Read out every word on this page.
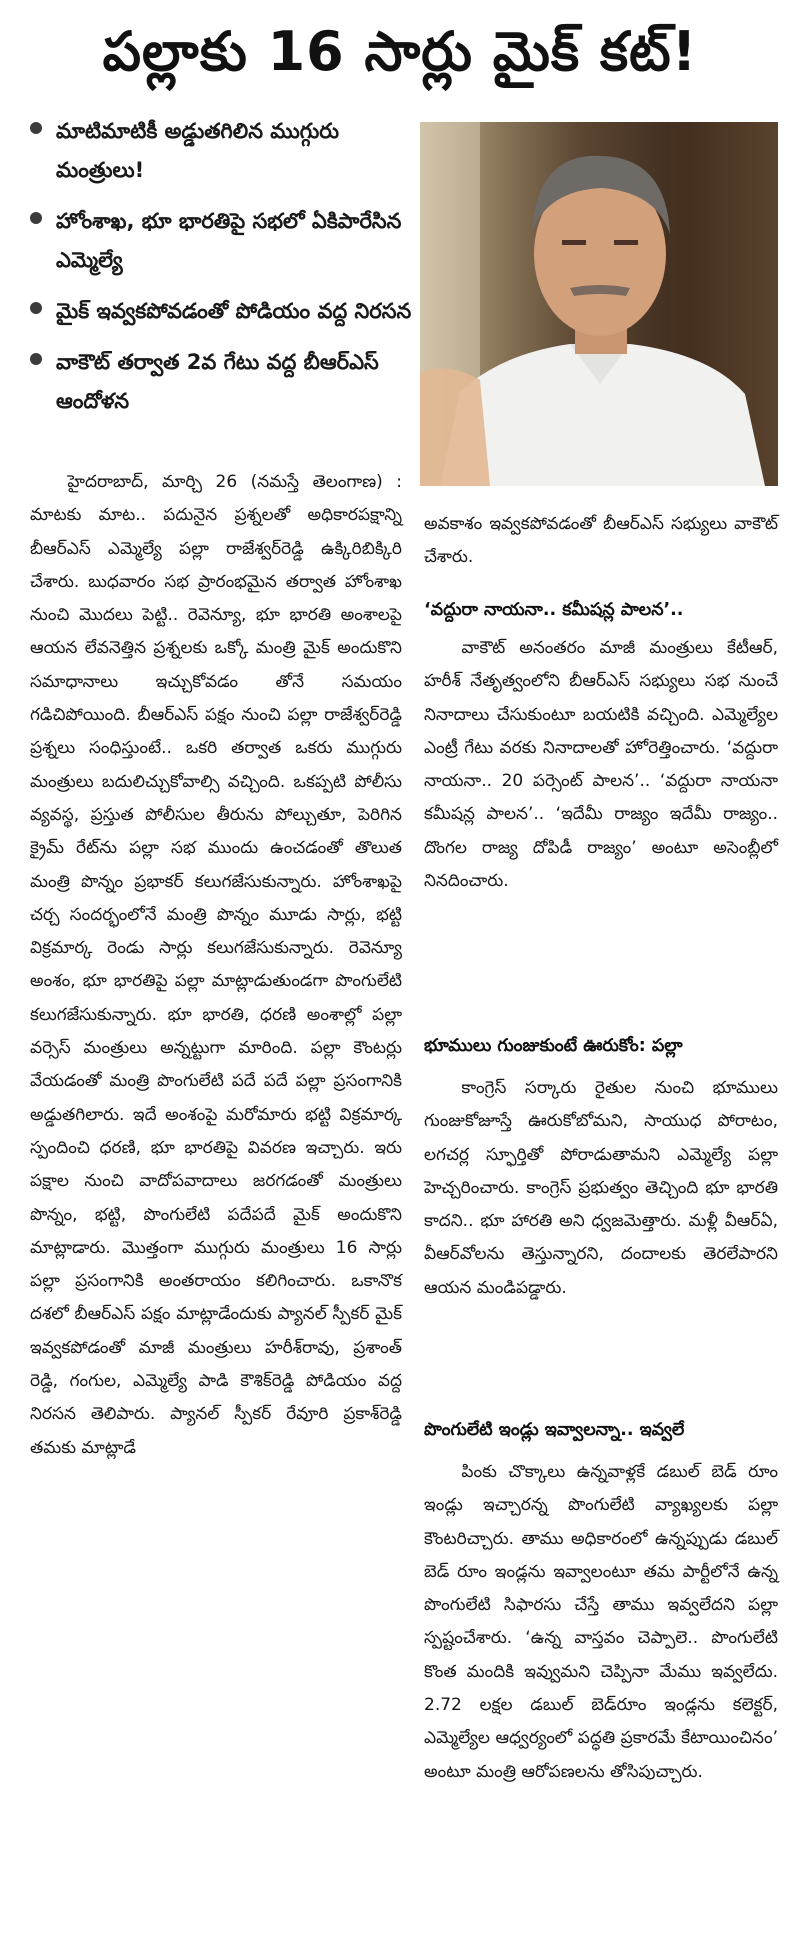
పల్లాకు 16 సార్లు మైక్ కట్!
మాటిమాటికీ అడ్డుతగిలిన ముగ్గురు మంత్రులు!
హోంశాఖ, భూ భారతిపై సభలో ఏకిపారేసిన ఎమ్మెల్యే
మైక్ ఇవ్వకపోవడంతో పోడియం వద్ద నిరసన
వాకౌట్ తర్వాత 2వ గేటు వద్ద బీఆర్ఎస్ ఆందోళన

హైదరాబాద్, మార్చి 26 (నమస్తే తెలంగాణ) : మాటకు మాట.. పదునైన ప్రశ్నలతో అధికారపక్షాన్ని బీఆర్ఎస్ ఎమ్మెల్యే పల్లా రాజేశ్వర్‌రెడ్డి ఉక్కిరిబిక్కిరి చేశారు. బుధవారం సభ ప్రారంభమైన తర్వాత హోంశాఖ నుంచి మొదలు పెట్టి.. రెవెన్యూ, భూ భారతి అంశాలపై ఆయన లేవనెత్తిన ప్రశ్నలకు ఒక్కో మంత్రి మైక్ అందుకొని సమాధానాలు ఇచ్చుకోవడం తోనే సమయం గడిచిపోయింది. బీఆర్ఎస్ పక్షం నుంచి పల్లా రాజేశ్వర్‌రెడ్డి ప్రశ్నలు సంధిస్తుంటే.. ఒకరి తర్వాత ఒకరు ముగ్గురు మంత్రులు బదులిచ్చుకోవాల్సి వచ్చింది. ఒకప్పటి పోలీసు వ్యవస్థ, ప్రస్తుత పోలీసుల తీరును పోల్చుతూ, పెరిగిన క్రైమ్ రేట్‌ను పల్లా సభ ముందు ఉంచడంతో తొలుత మంత్రి పొన్నం ప్రభాకర్ కలుగజేసుకున్నారు. హోంశాఖపై చర్చ సందర్భంలోనే మంత్రి పొన్నం మూడు సార్లు, భట్టి విక్రమార్క రెండు సార్లు కలుగజేసుకున్నారు. రెవెన్యూ అంశం, భూ భారతిపై పల్లా మాట్లాడుతుండగా పొంగులేటి కలుగజేసుకున్నారు. భూ భారతి, ధరణి అంశాల్లో పల్లా వర్సెస్ మంత్రులు అన్నట్టుగా మారింది. పల్లా కౌంటర్లు వేయడంతో మంత్రి పొంగులేటి పదే పదే పల్లా ప్రసంగానికి అడ్డుతగిలారు. ఇదే అంశంపై మరోమారు భట్టి విక్రమార్క స్పందించి ధరణి, భూ భారతిపై వివరణ ఇచ్చారు. ఇరు పక్షాల నుంచి వాదోపవాదాలు జరగడంతో మంత్రులు పొన్నం, భట్టి, పొంగులేటి పదేపదే మైక్ అందుకొని మాట్లాడారు. మొత్తంగా ముగ్గురు మంత్రులు 16 సార్లు పల్లా ప్రసంగానికి అంతరాయం కలిగించారు. ఒకానొక దశలో బీఆర్ఎస్ పక్షం మాట్లాడేందుకు ప్యానల్ స్పీకర్ మైక్ ఇవ్వకపోడంతో మాజీ మంత్రులు హరీశ్‌రావు, ప్రశాంత్ రెడ్డి, గంగుల, ఎమ్మెల్యే పాడి కౌశిక్‌రెడ్డి పోడియం వద్ద నిరసన తెలిపారు. ప్యానల్ స్పీకర్ రేవూరి ప్రకాశ్‌రెడ్డి తమకు మాట్లాడే

అవకాశం ఇవ్వకపోవడంతో బీఆర్ఎస్ సభ్యులు వాకౌట్ చేశారు.

‘వద్దురా నాయనా.. కమీషన్ల పాలన’..

వాకౌట్ అనంతరం మాజీ మంత్రులు కేటీఆర్, హరీశ్ నేతృత్వంలోని బీఆర్ఎస్ సభ్యులు సభ నుంచే నినాదాలు చేసుకుంటూ బయటికి వచ్చింది. ఎమ్మెల్యేల ఎంట్రీ గేటు వరకు నినాదాలతో హోరెత్తించారు. ‘వద్దురా నాయనా.. 20 పర్సెంట్ పాలన’.. ‘వద్దురా నాయనా కమీషన్ల పాలన’.. ‘ఇదేమీ రాజ్యం ఇదేమీ రాజ్యం.. దొంగల రాజ్య దోపిడీ రాజ్యం’ అంటూ అసెంబ్లీలో నినదించారు.

భూములు గుంజుకుంటే ఊరుకోం: పల్లా

కాంగ్రెస్ సర్కారు రైతుల నుంచి భూములు గుంజుకోజూస్తే ఊరుకోబోమని, సాయుధ పోరాటం, లగచర్ల స్ఫూర్తితో పోరాడుతామని ఎమ్మెల్యే పల్లా హెచ్చరించారు. కాంగ్రెస్ ప్రభుత్వం తెచ్చింది భూ భారతి కాదని.. భూ హారతి అని ధ్వజమెత్తారు. మళ్లీ వీఆర్ఏ, వీఆర్‌వోలను తెస్తున్నారని, దందాలకు తెరలేపారని ఆయన మండిపడ్డారు.

పొంగులేటి ఇండ్లు ఇవ్వాలన్నా.. ఇవ్వలే

పింకు చొక్కాలు ఉన్నవాళ్లకే డబుల్ బెడ్ రూం ఇండ్లు ఇచ్చారన్న పొంగులేటి వ్యాఖ్యలకు పల్లా కౌంటరిచ్చారు. తాము అధికారంలో ఉన్నప్పుడు డబుల్ బెడ్ రూం ఇండ్లను ఇవ్వాలంటూ తమ పార్టీలోనే ఉన్న పొంగులేటి సిఫారసు చేస్తే తాము ఇవ్వలేదని పల్లా స్పష్టంచేశారు. ‘ఉన్న వాస్తవం చెప్పాలె.. పొంగులేటి కొంత మందికి ఇవ్వుమని చెప్పినా మేము ఇవ్వలేదు. 2.72 లక్షల డబుల్ బెడ్‌రూం ఇండ్లను కలెక్టర్, ఎమ్మెల్యేల ఆధ్వర్యంలో పద్ధతి ప్రకారమే కేటాయించినం’ అంటూ మంత్రి ఆరోపణలను తోసిపుచ్చారు.
